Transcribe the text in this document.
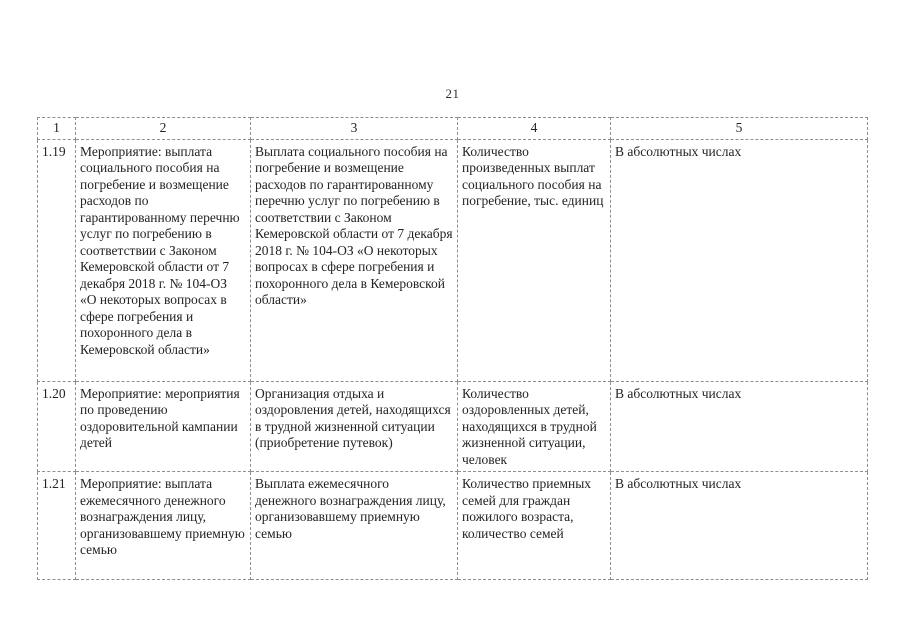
21
1	2	3	4	5
1.19	Мероприятие: выплата социального пособия на погребение и возмещение расходов по гарантированному перечню услуг по погребению в соответствии с Законом Кемеровской области от 7 декабря 2018 г. № 104-ОЗ «О некоторых вопросах в сфере погребения и похоронного дела в Кемеровской области»	Выплата социального пособия на погребение и возмещение расходов по гарантированному перечню услуг по погребению в соответствии с Законом Кемеровской области от 7 декабря 2018 г. № 104-ОЗ «О некоторых вопросах в сфере погребения и похоронного дела в Кемеровской области»	Количество произведенных выплат социального пособия на погребение, тыс. единиц	В абсолютных числах
1.20	Мероприятие: мероприятия по проведению оздоровительной кампании детей	Организация отдыха и оздоровления детей, находящихся в трудной жизненной ситуации (приобретение путевок)	Количество оздоровленных детей, находящихся в трудной жизненной ситуации, человек	В абсолютных числах
1.21	Мероприятие: выплата ежемесячного денежного вознаграждения лицу, организовавшему приемную семью	Выплата ежемесячного денежного вознаграждения лицу, организовавшему приемную семью	Количество приемных семей для граждан пожилого возраста, количество семей	В абсолютных числах
